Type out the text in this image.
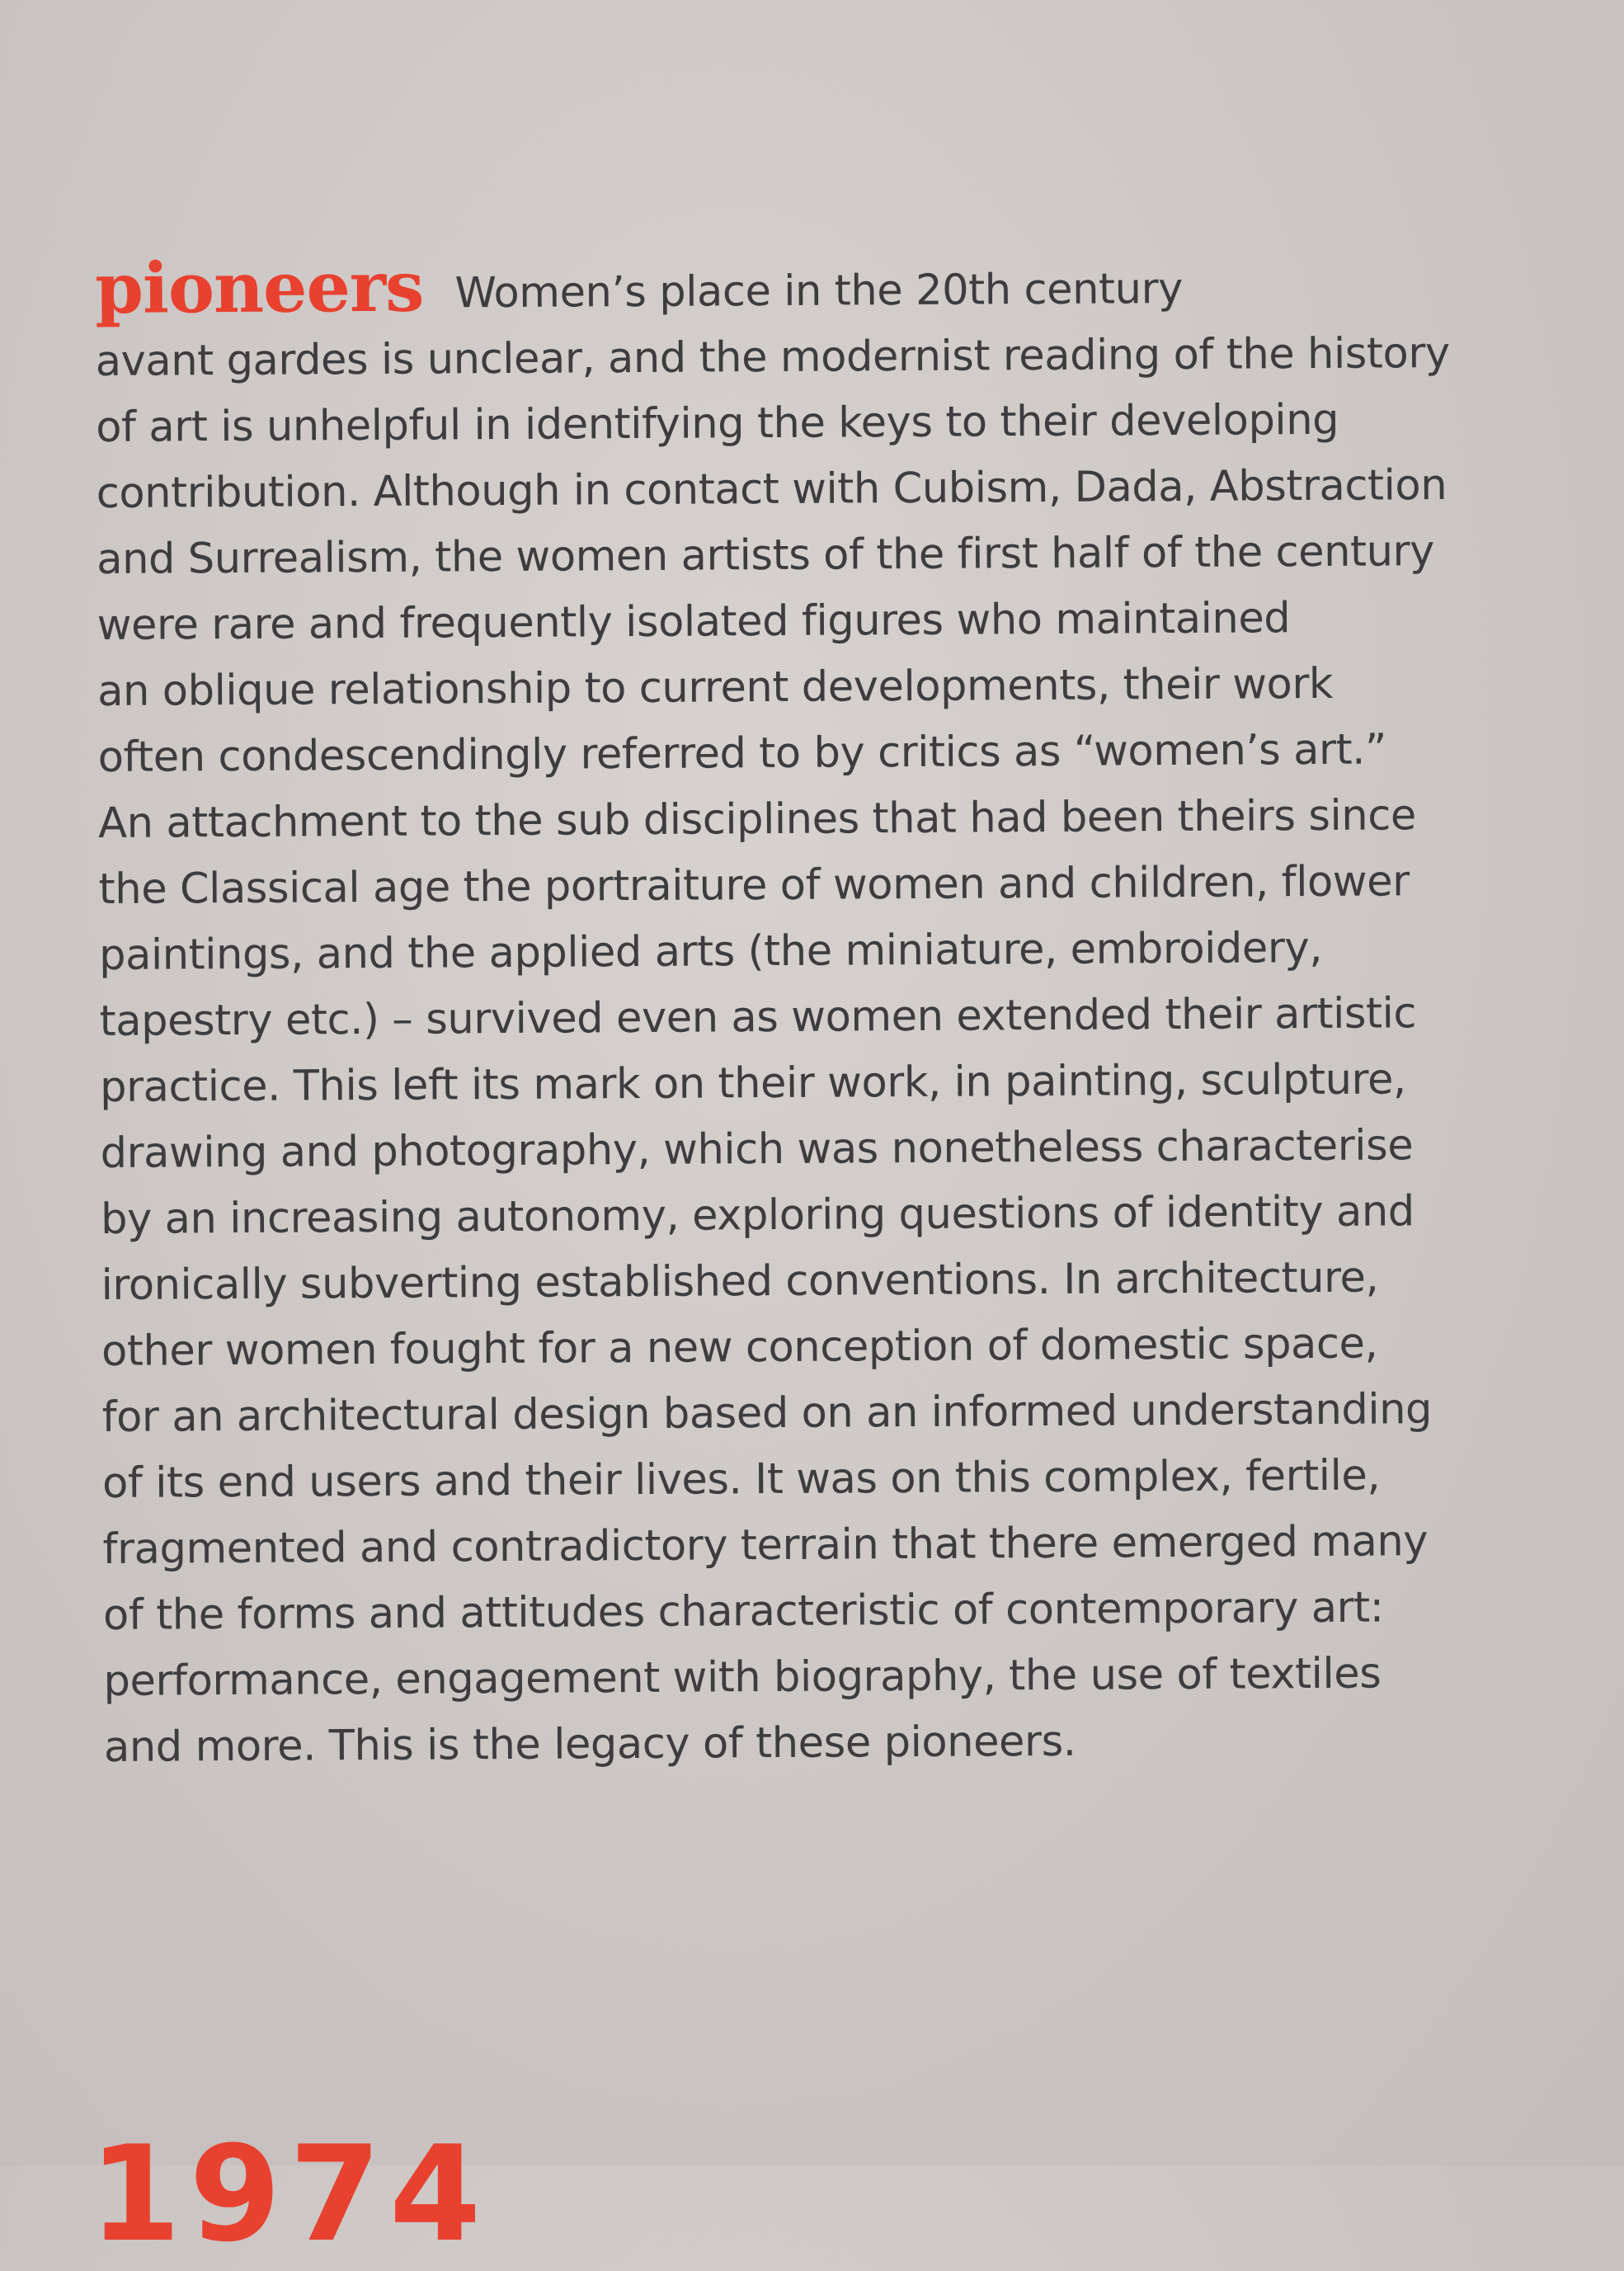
pioneers Women’s place in the 20th century
avant gardes is unclear, and the modernist reading of the history
of art is unhelpful in identifying the keys to their developing
contribution. Although in contact with Cubism, Dada, Abstraction
and Surrealism, the women artists of the first half of the century
were rare and frequently isolated figures who maintained
an oblique relationship to current developments, their work
often condescendingly referred to by critics as “women’s art.”
An attachment to the sub disciplines that had been theirs since
the Classical age the portraiture of women and children, flower
paintings, and the applied arts (the miniature, embroidery,
tapestry etc.) – survived even as women extended their artistic
practice. This left its mark on their work, in painting, sculpture,
drawing and photography, which was nonetheless characterise
by an increasing autonomy, exploring questions of identity and
ironically subverting established conventions. In architecture,
other women fought for a new conception of domestic space,
for an architectural design based on an informed understanding
of its end users and their lives. It was on this complex, fertile,
fragmented and contradictory terrain that there emerged many
of the forms and attitudes characteristic of contemporary art:
performance, engagement with biography, the use of textiles
and more. This is the legacy of these pioneers.
1974
